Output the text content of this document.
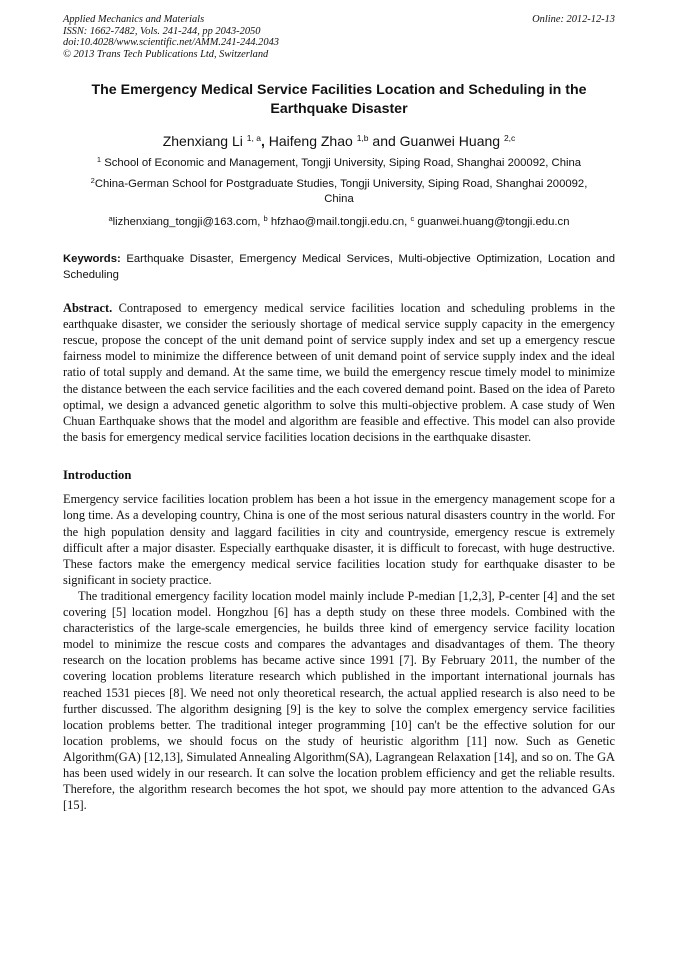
Applied Mechanics and Materials
ISSN: 1662-7482, Vols. 241-244, pp 2043-2050
doi:10.4028/www.scientific.net/AMM.241-244.2043
© 2013 Trans Tech Publications Ltd, Switzerland
Online: 2012-12-13
The Emergency Medical Service Facilities Location and Scheduling in the Earthquake Disaster
Zhenxiang Li $^{1, a}$, Haifeng Zhao $^{1,b}$ and Guanwei Huang $^{2,c}$
$^1$ School of Economic and Management, Tongji University, Siping Road, Shanghai 200092, China
$^2$China-German School for Postgraduate Studies, Tongji University, Siping Road, Shanghai 200092, China
$^a$lizhenxiang_tongji@163.com, $^b$ hfzhao@mail.tongji.edu.cn, $^c$ guanwei.huang@tongji.edu.cn
Keywords: Earthquake Disaster, Emergency Medical Services, Multi-objective Optimization, Location and Scheduling
Abstract. Contraposed to emergency medical service facilities location and scheduling problems in the earthquake disaster, we consider the seriously shortage of medical service supply capacity in the emergency rescue, propose the concept of the unit demand point of service supply index and set up a emergency rescue fairness model to minimize the difference between of unit demand point of service supply index and the ideal ratio of total supply and demand. At the same time, we build the emergency rescue timely model to minimize the distance between the each service facilities and the each covered demand point. Based on the idea of Pareto optimal, we design a advanced genetic algorithm to solve this multi-objective problem. A case study of Wen Chuan Earthquake shows that the model and algorithm are feasible and effective. This model can also provide the basis for emergency medical service facilities location decisions in the earthquake disaster.
Introduction
Emergency service facilities location problem has been a hot issue in the emergency management scope for a long time. As a developing country, China is one of the most serious natural disasters country in the world. For the high population density and laggard facilities in city and countryside, emergency rescue is extremely difficult after a major disaster. Especially earthquake disaster, it is difficult to forecast, with huge destructive. These factors make the emergency medical service facilities location study for earthquake disaster to be significant in society practice.
The traditional emergency facility location model mainly include P-median [1,2,3], P-center [4] and the set covering [5] location model. Hongzhou [6] has a depth study on these three models. Combined with the characteristics of the large-scale emergencies, he builds three kind of emergency service facility location model to minimize the rescue costs and compares the advantages and disadvantages of them. The theory research on the location problems has became active since 1991 [7]. By February 2011, the number of the covering location problems literature research which published in the important international journals has reached 1531 pieces [8]. We need not only theoretical research, the actual applied research is also need to be further discussed. The algorithm designing [9] is the key to solve the complex emergency service facilities location problems better. The traditional integer programming [10] can't be the effective solution for our location problems, we should focus on the study of heuristic algorithm [11] now. Such as Genetic Algorithm(GA) [12,13], Simulated Annealing Algorithm(SA), Lagrangean Relaxation [14], and so on. The GA has been used widely in our research. It can solve the location problem efficiency and get the reliable results. Therefore, the algorithm research becomes the hot spot, we should pay more attention to the advanced GAs [15].
